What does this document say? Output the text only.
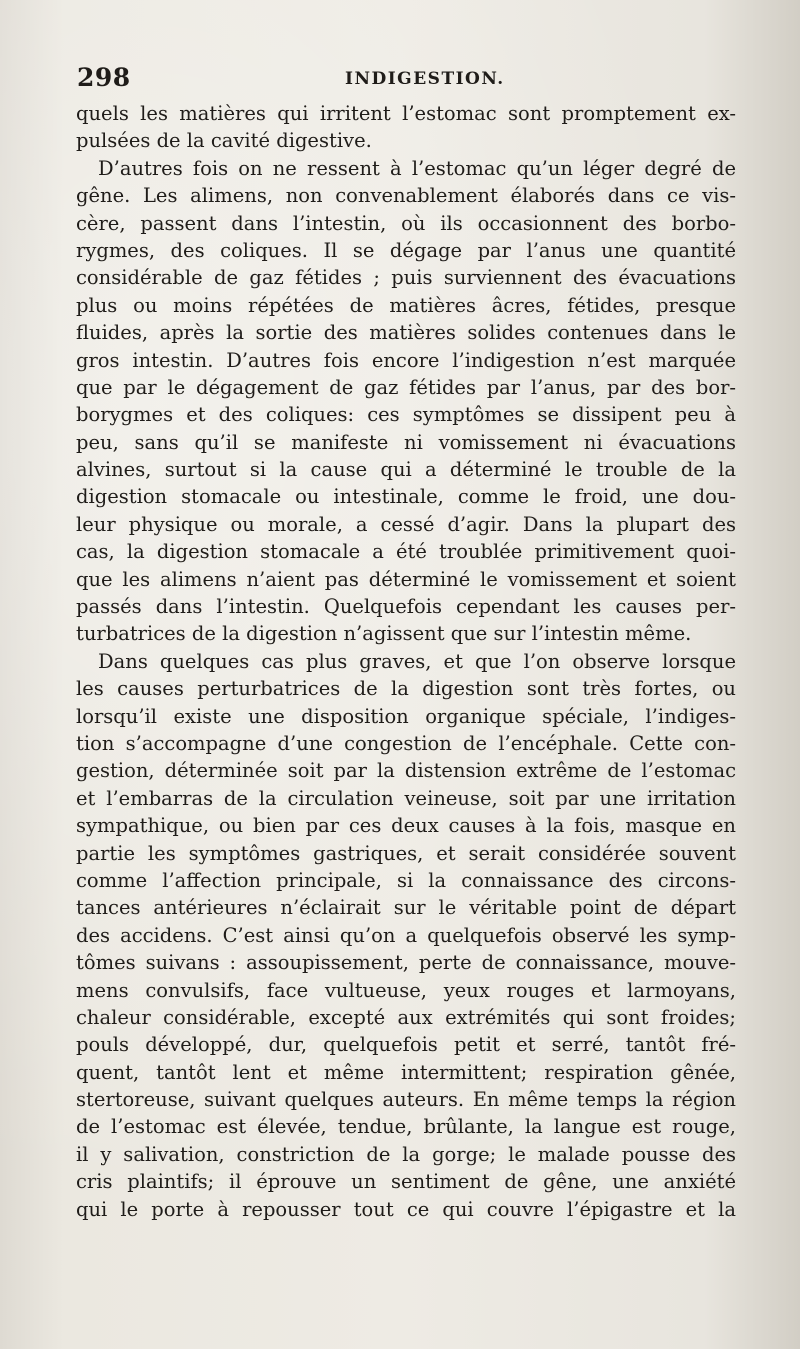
298	INDIGESTION.
quels les matières qui irritent l’estomac sont promptement ex-
pulsées de la cavité digestive.
D’autres fois on ne ressent à l’estomac qu’un léger degré de
gêne. Les alimens, non convenablement élaborés dans ce vis-
cère, passent dans l’intestin, où ils occasionnent des borbo-
rygmes, des coliques. Il se dégage par l’anus une quantité
considérable de gaz fétides ; puis surviennent des évacuations
plus ou moins répétées de matières âcres, fétides, presque
fluides, après la sortie des matières solides contenues dans le
gros intestin. D’autres fois encore l’indigestion n’est marquée
que par le dégagement de gaz fétides par l’anus, par des bor-
borygmes et des coliques: ces symptômes se dissipent peu à
peu, sans qu’il se manifeste ni vomissement ni évacuations
alvines, surtout si la cause qui a déterminé le trouble de la
digestion stomacale ou intestinale, comme le froid, une dou-
leur physique ou morale, a cessé d’agir. Dans la plupart des
cas, la digestion stomacale a été troublée primitivement quoi-
que les alimens n’aient pas déterminé le vomissement et soient
passés dans l’intestin. Quelquefois cependant les causes per-
turbatrices de la digestion n’agissent que sur l’intestin même.
Dans quelques cas plus graves, et que l’on observe lorsque
les causes perturbatrices de la digestion sont très fortes, ou
lorsqu’il existe une disposition organique spéciale, l’indiges-
tion s’accompagne d’une congestion de l’encéphale. Cette con-
gestion, déterminée soit par la distension extrême de l’estomac
et l’embarras de la circulation veineuse, soit par une irritation
sympathique, ou bien par ces deux causes à la fois, masque en
partie les symptômes gastriques, et serait considérée souvent
comme l’affection principale, si la connaissance des circons-
tances antérieures n’éclairait sur le véritable point de départ
des accidens. C’est ainsi qu’on a quelquefois observé les symp-
tômes suivans : assoupissement, perte de connaissance, mouve-
mens convulsifs, face vultueuse, yeux rouges et larmoyans,
chaleur considérable, excepté aux extrémités qui sont froides;
pouls développé, dur, quelquefois petit et serré, tantôt fré-
quent, tantôt lent et même intermittent; respiration gênée,
stertoreuse, suivant quelques auteurs. En même temps la région
de l’estomac est élevée, tendue, brûlante, la langue est rouge,
il y salivation, constriction de la gorge; le malade pousse des
cris plaintifs; il éprouve un sentiment de gêne, une anxiété
qui le porte à repousser tout ce qui couvre l’épigastre et la
